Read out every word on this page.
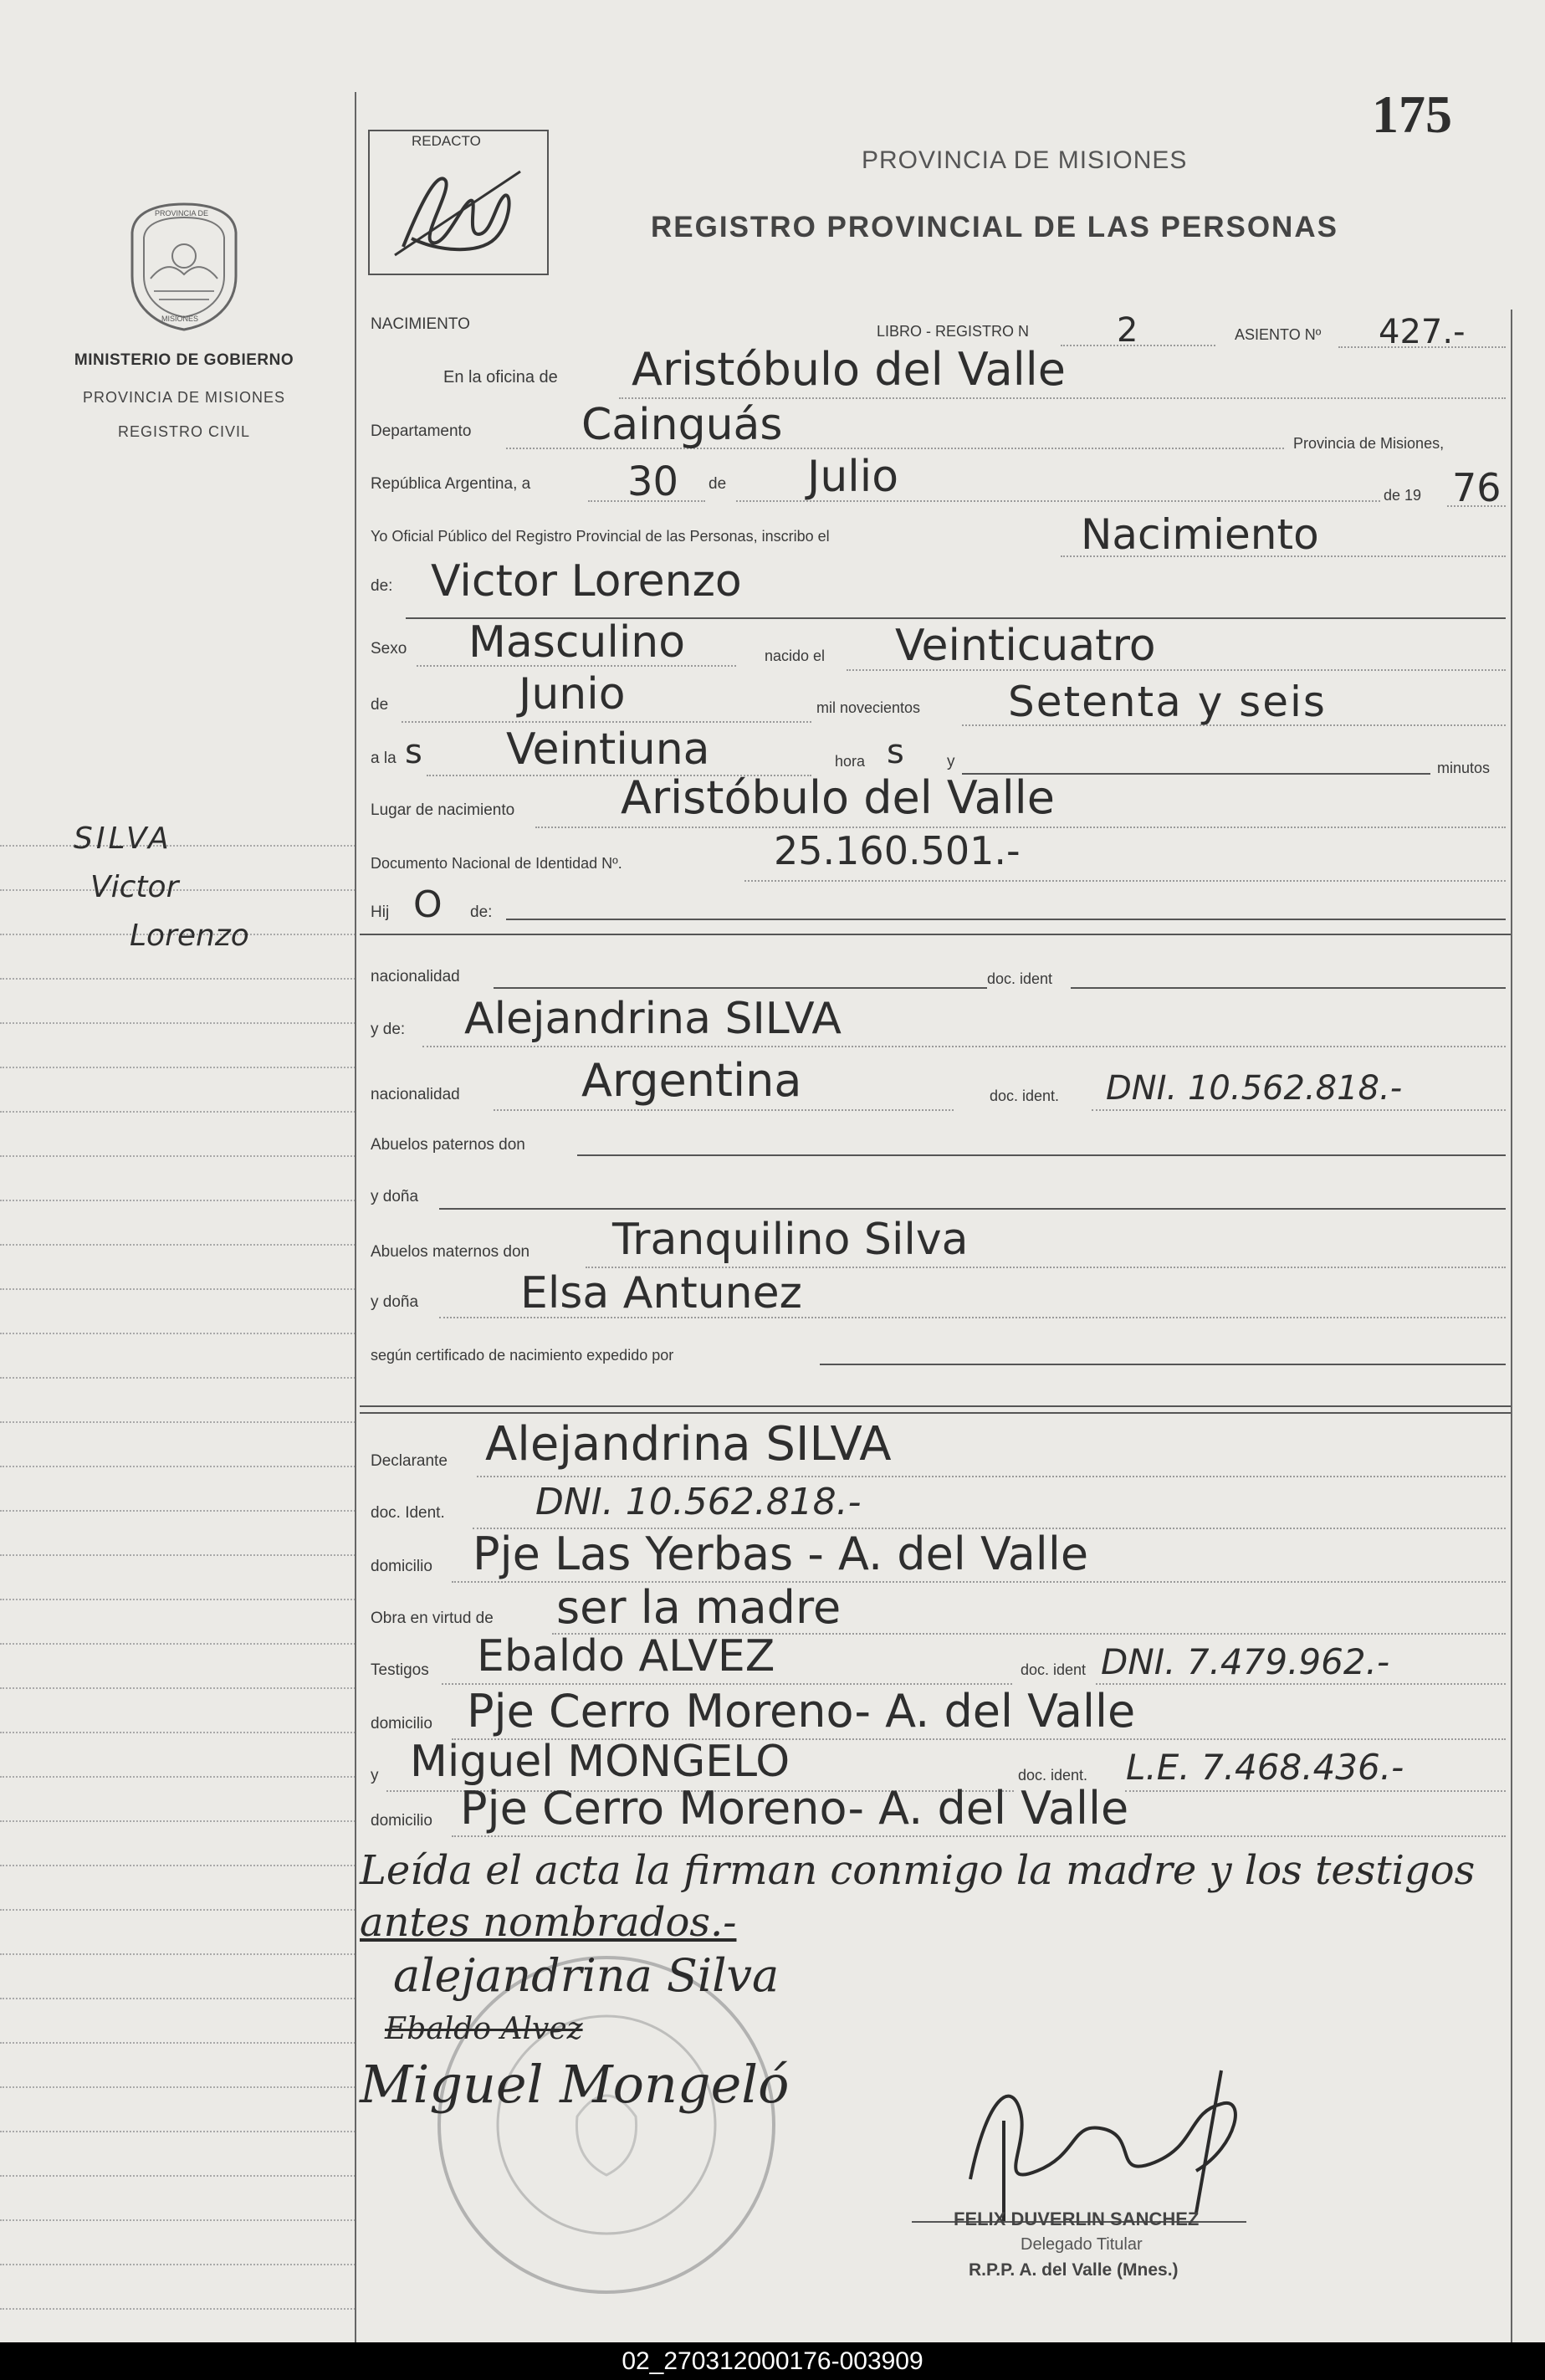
PROVINCIA DE
MISIONES
MINISTERIO DE GOBIERNO
PROVINCIA DE MISIONES
REGISTRO CIVIL
SILVA
Victor
Lorenzo
REDACTO	175
PROVINCIA DE MISIONES
REGISTRO PROVINCIAL DE LAS PERSONAS
NACIMIENTO	LIBRO - REGISTRO N	2	ASIENTO Nº 427.-
En la oficina de Aristóbulo del Valle
Departamento	Cainguás	Provincia de Misiones,
República Argentina, a 30 de Julio	de 19 76
Yo Oficial Público del Registro Provincial de las Personas, inscribo el	Nacimiento
de: Victor Lorenzo
Sexo Masculino	nacido el Veinticuatro
de	Junio	mil novecientos Setenta y seis
a la s Veintiuna	hora s	y	minutos
Lugar de nacimiento Aristóbulo del Valle
Documento Nacional de Identidad Nº.	25.160.501.-
Hij O de:
nacionalidad	doc. ident
y de: Alejandrina SILVA
nacionalidad	Argentina	doc. ident. DNI. 10.562.818.-
Abuelos paternos don
y doña
Abuelos maternos don Tranquilino Silva
y doña Elsa Antunez
según certificado de nacimiento expedido por
Declarante Alejandrina SILVA
doc. Ident. DNI. 10.562.818.-
domicilio Pje Las Yerbas - A. del Valle
Obra en virtud de ser la madre
Testigos Ebaldo ALVEZ	doc. ident DNI. 7.479.962.-
domicilio Pje Cerro Moreno- A. del Valle
y Miguel MONGELO	doc. ident. L.E. 7.468.436.-
domicilio Pje Cerro Moreno- A. del Valle
Leída el acta la firman conmigo la madre y los testigos
antes nombrados.-
alejandrina Silva
Ebaldo Alvez
Miguel Mongeló
FELIX DUVERLIN SANCHEZ
Delegado Titular
R.P.P. A. del Valle (Mnes.)
02_270312000176-003909
